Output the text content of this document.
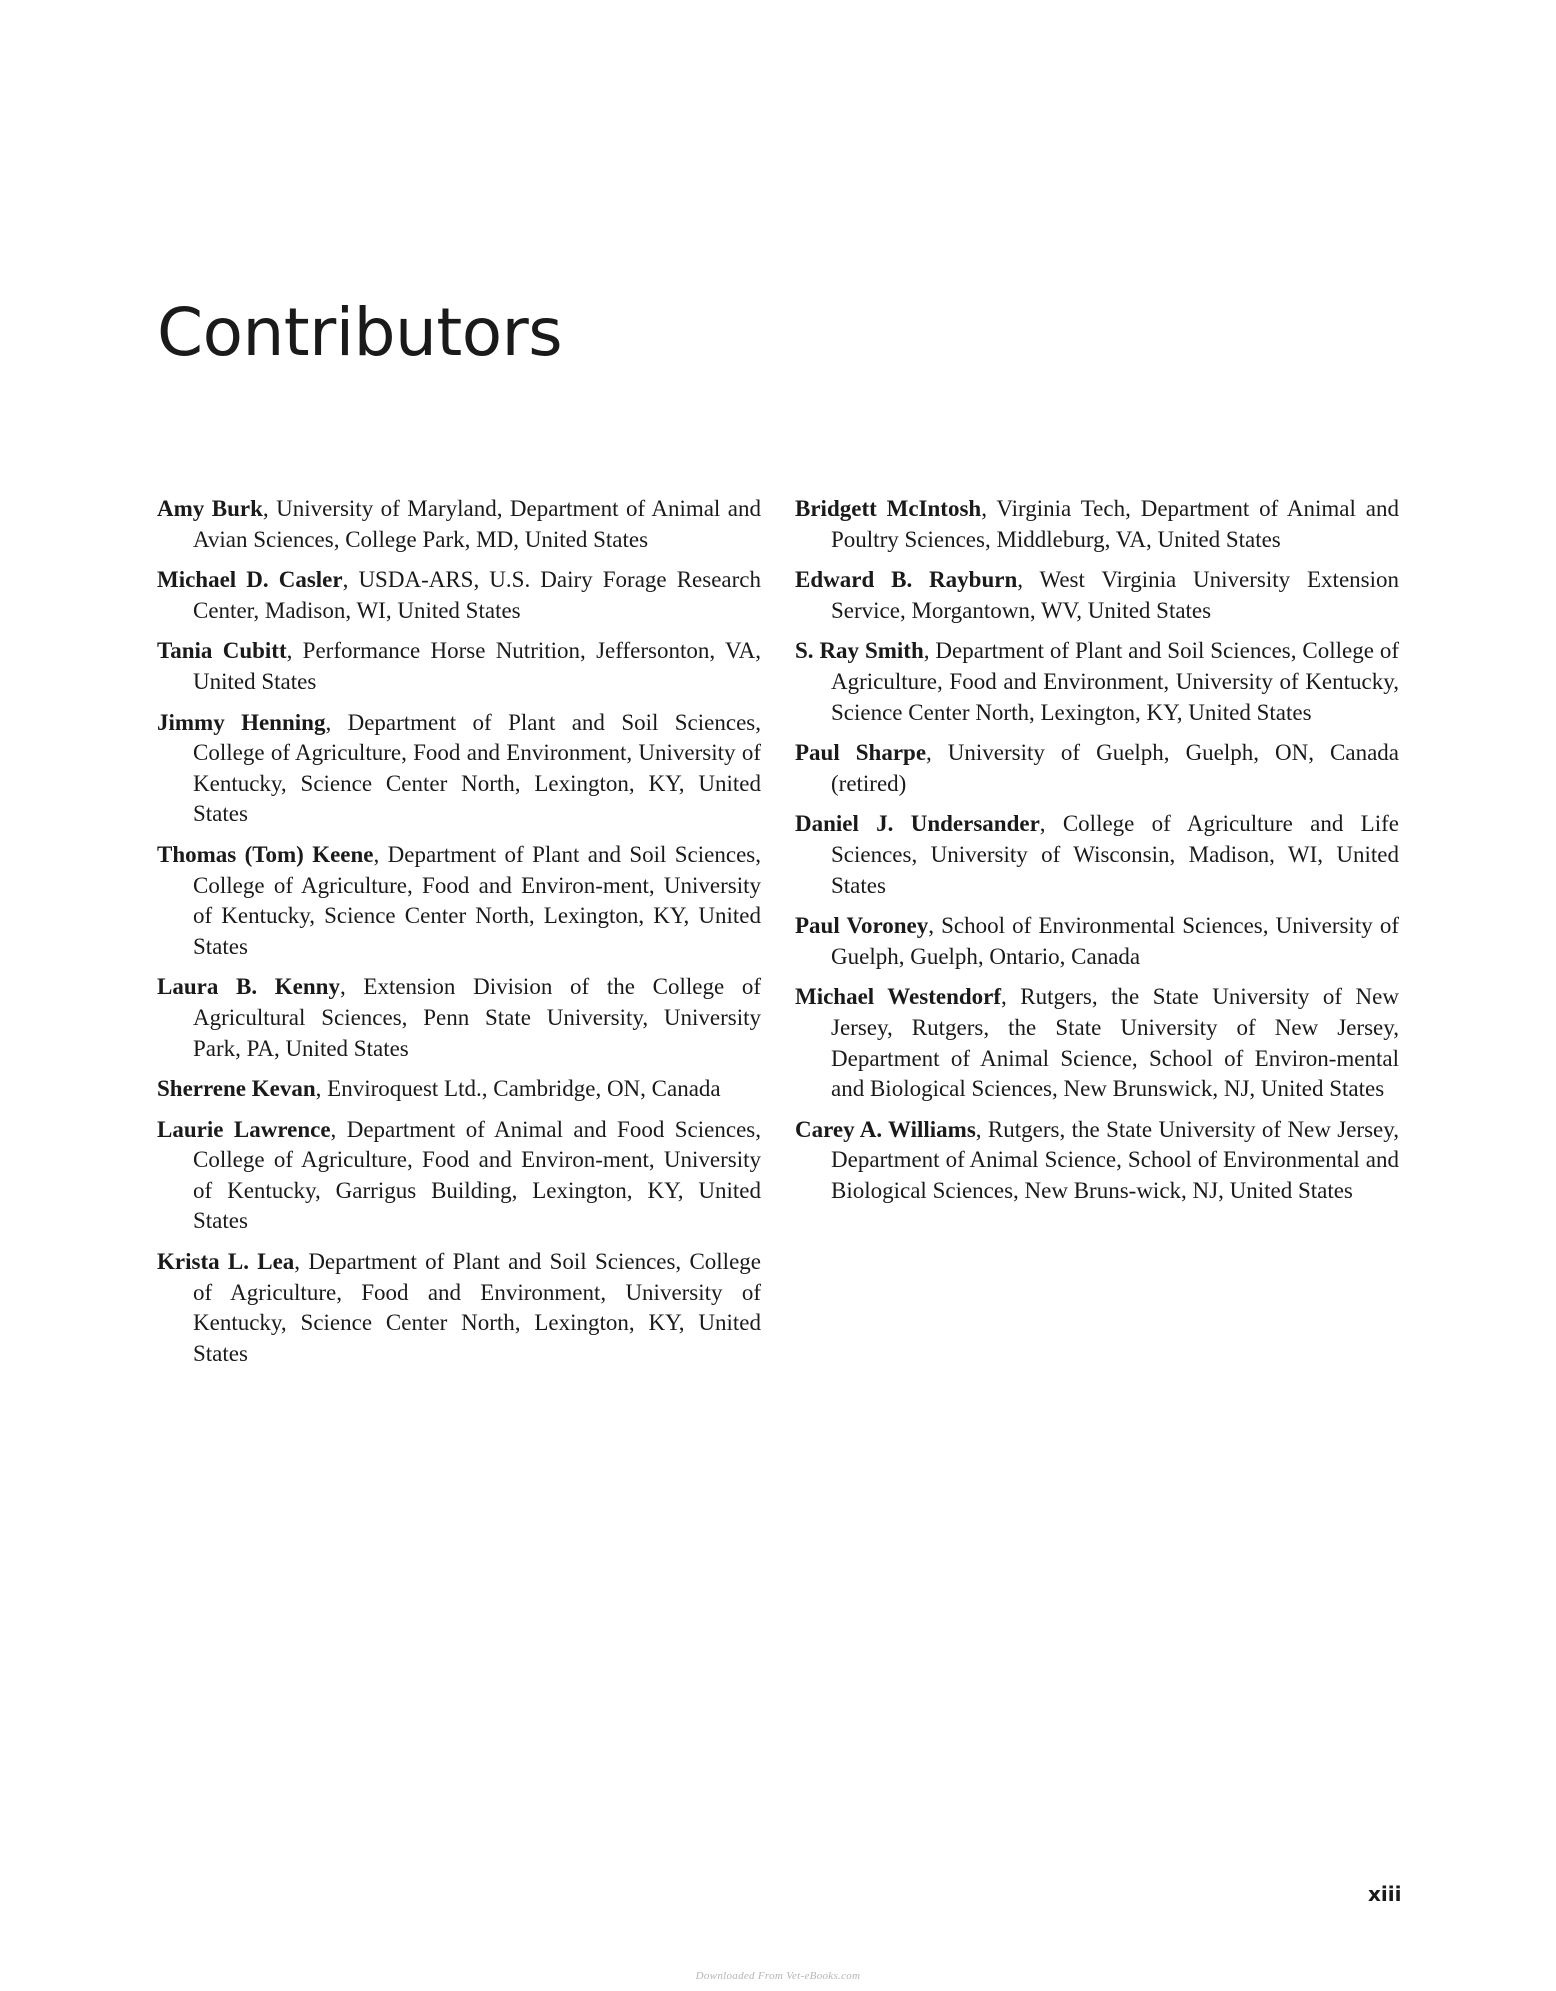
Contributors

Amy Burk, University of Maryland, Department of Animal and Avian Sciences, College Park, MD, United States

Michael D. Casler, USDA-ARS, U.S. Dairy Forage Research Center, Madison, WI, United States

Tania Cubitt, Performance Horse Nutrition, Jeffersonton, VA, United States

Jimmy Henning, Department of Plant and Soil Sciences, College of Agriculture, Food and Environment, University of Kentucky, Science Center North, Lexington, KY, United States

Thomas (Tom) Keene, Department of Plant and Soil Sciences, College of Agriculture, Food and Environ-ment, University of Kentucky, Science Center North, Lexington, KY, United States

Laura B. Kenny, Extension Division of the College of Agricultural Sciences, Penn State University, University Park, PA, United States

Sherrene Kevan, Enviroquest Ltd., Cambridge, ON, Canada

Laurie Lawrence, Department of Animal and Food Sciences, College of Agriculture, Food and Environ-ment, University of Kentucky, Garrigus Building, Lexington, KY, United States

Krista L. Lea, Department of Plant and Soil Sciences, College of Agriculture, Food and Environment, University of Kentucky, Science Center North, Lexington, KY, United States

Bridgett McIntosh, Virginia Tech, Department of Animal and Poultry Sciences, Middleburg, VA, United States

Edward B. Rayburn, West Virginia University Extension Service, Morgantown, WV, United States

S. Ray Smith, Department of Plant and Soil Sciences, College of Agriculture, Food and Environment, University of Kentucky, Science Center North, Lexington, KY, United States

Paul Sharpe, University of Guelph, Guelph, ON, Canada (retired)

Daniel J. Undersander, College of Agriculture and Life Sciences, University of Wisconsin, Madison, WI, United States

Paul Voroney, School of Environmental Sciences, University of Guelph, Guelph, Ontario, Canada

Michael Westendorf, Rutgers, the State University of New Jersey, Rutgers, the State University of New Jersey, Department of Animal Science, School of Environ-mental and Biological Sciences, New Brunswick, NJ, United States

Carey A. Williams, Rutgers, the State University of New Jersey, Department of Animal Science, School of Environmental and Biological Sciences, New Bruns-wick, NJ, United States

xiii
Downloaded From Vet-eBooks.com
